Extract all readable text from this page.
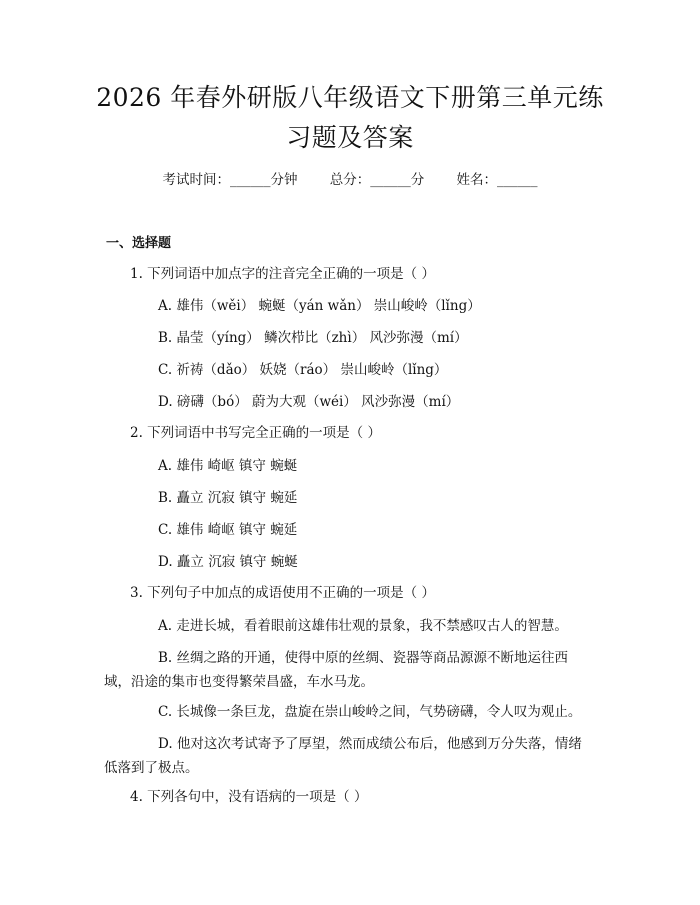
2026 年春外研版八年级语文下册第三单元练
习题及答案
考试时间：______分钟 总分：______分 姓名：______
一、选择题
1. 下列词语中加点字的注音完全正确的一项是（ ）
A. 雄伟（wěi） 蜿蜒（yán wǎn） 崇山峻岭（lǐng）
B. 晶莹（yíng） 鳞次栉比（zhì） 风沙弥漫（mí）
C. 祈祷（dǎo） 妖娆（ráo） 崇山峻岭（lǐng）
D. 磅礴（bó） 蔚为大观（wéi） 风沙弥漫（mí）
2. 下列词语中书写完全正确的一项是（ ）
A. 雄伟 崎岖 镇守 蜿蜒
B. 矗立 沉寂 镇守 蜿延
C. 雄伟 崎岖 镇守 蜿延
D. 矗立 沉寂 镇守 蜿蜒
3. 下列句子中加点的成语使用不正确的一项是（ ）
A. 走进长城，看着眼前这雄伟壮观的景象，我不禁感叹古人的智慧。
B. 丝绸之路的开通，使得中原的丝绸、瓷器等商品源源不断地运往西域，沿途的集市也变得繁荣昌盛，车水马龙。
C. 长城像一条巨龙，盘旋在崇山峻岭之间，气势磅礴，令人叹为观止。
D. 他对这次考试寄予了厚望，然而成绩公布后，他感到万分失落，情绪低落到了极点。
4. 下列各句中，没有语病的一项是（ ）
